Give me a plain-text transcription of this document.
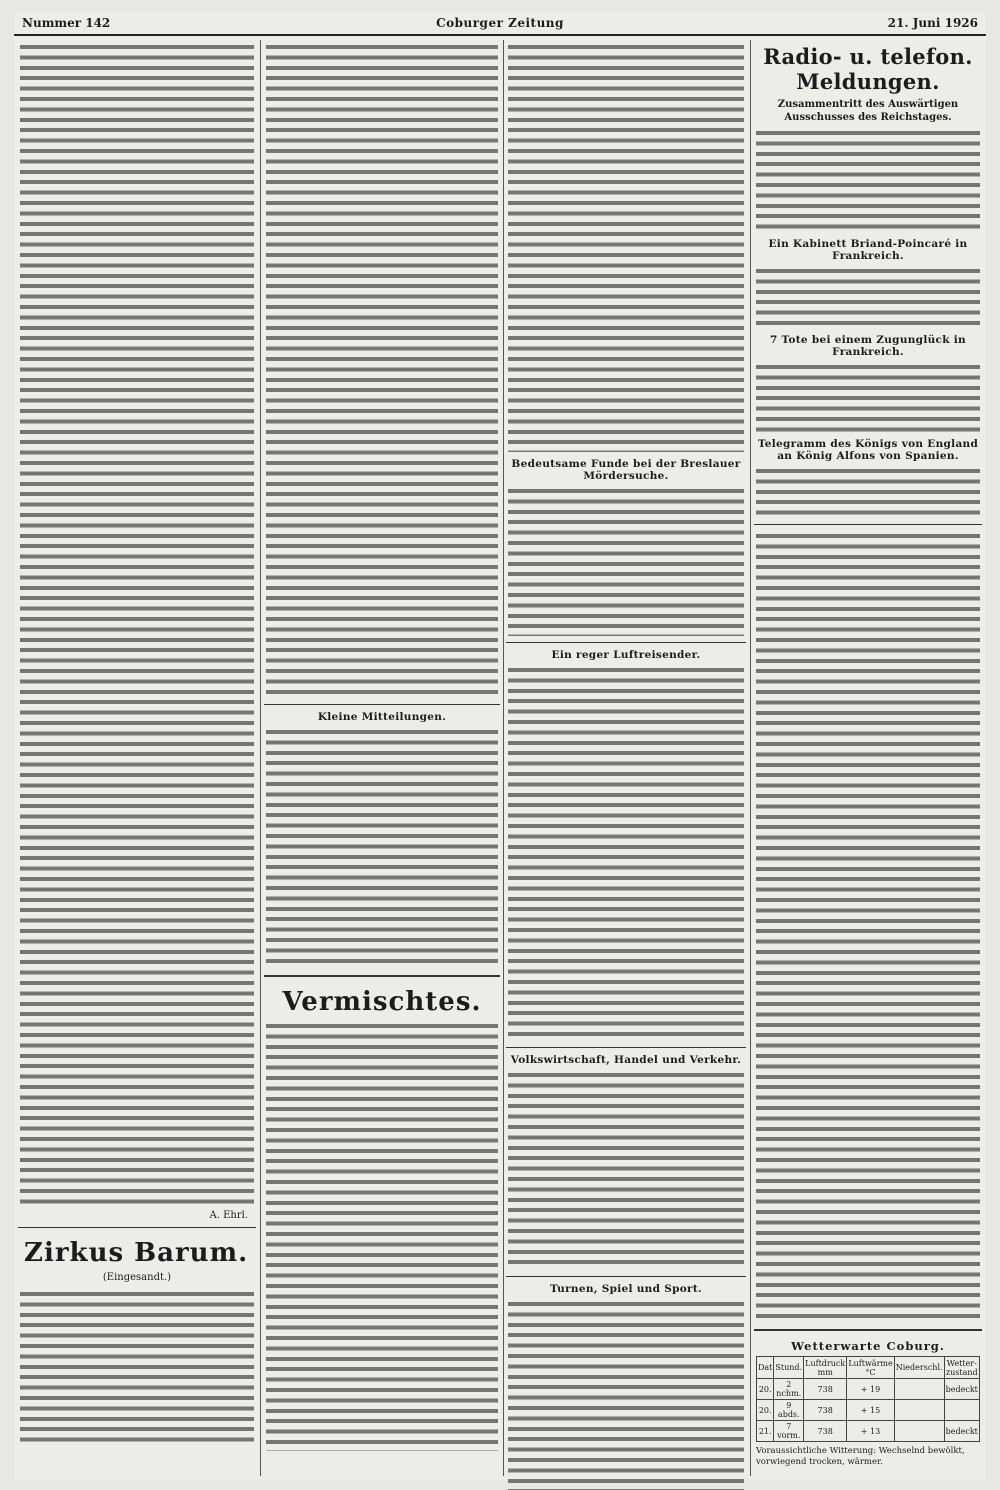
Nummer 142	Coburger Zeitung	21. Juni 1926
A. Ehrl.
Zirkus Barum.
(Eingesandt.)
Kleine Mitteilungen.
Vermischtes.
Bedeutsame Funde bei der Breslauer Mördersuche.
Ein reger Luftreisender.
Volkswirtschaft, Handel und Verkehr.
Turnen, Spiel und Sport.
Radio- u. telefon. Meldungen.
Zusammentritt des Auswärtigen Ausschusses des Reichstages.
Ein Kabinett Briand-Poincaré in Frankreich.
7 Tote bei einem Zugunglück in Frankreich.
Telegramm des Königs von England an König Alfons von Spanien.
Wetterwarte Coburg.
Dat	Stund.	Luftdruck mm	Luftwärme °C	Niederschl.	Wetter-zustand
20.	2 nchm.	738	+ 19		bedeckt
20.	9 abds.	738	+ 15		
21.	7 vorm.	738	+ 13		bedeckt
Voraussichtliche Witterung: Wechselnd bewölkt, vorwiegend trocken, wärmer.
